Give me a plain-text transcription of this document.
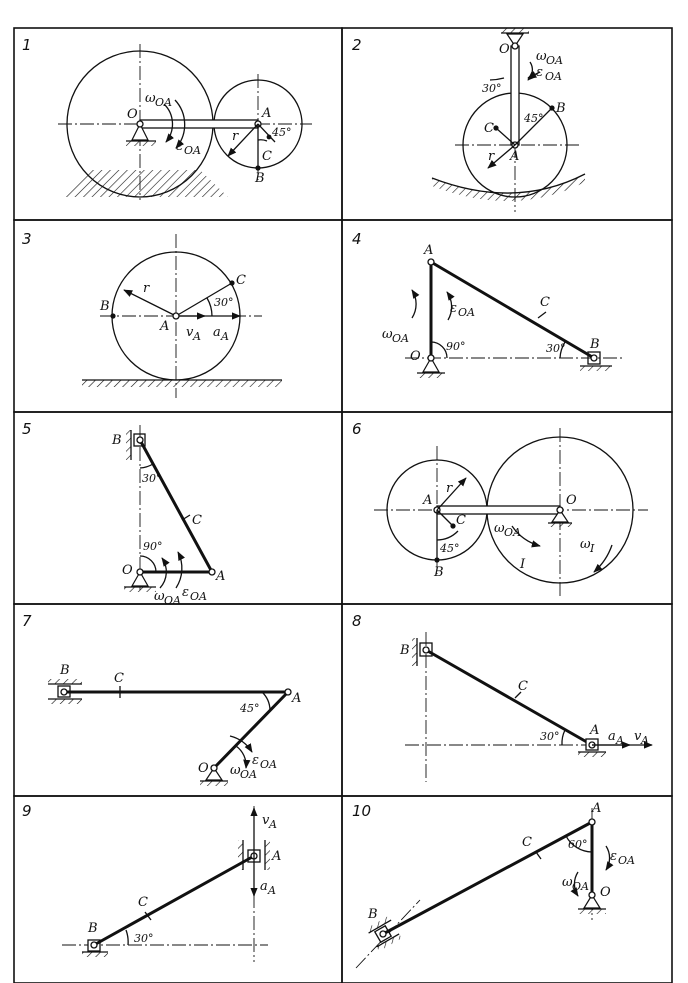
1
O	A
B
C
r	45°
ω OA
ε OA
2	O
A
B
C
r
30°
45°
ω OA
ε OA
3
A
B
C
r
30°
v A a A
4
A
O
B
C
90°	30°
ω OA
ε OA
5
B
O	A
C
30°
90°
ω OA
ε OA
6
A	O
B
C
r
45°
I
ω OA
ω I
7
B
C
A
O
45°
ω OA
ε OA
8
B
C
A
30°	a A v A
9
B
C
A
30°
v A
a A
10	A
O
B
C	60°
ε OA
ω OA
